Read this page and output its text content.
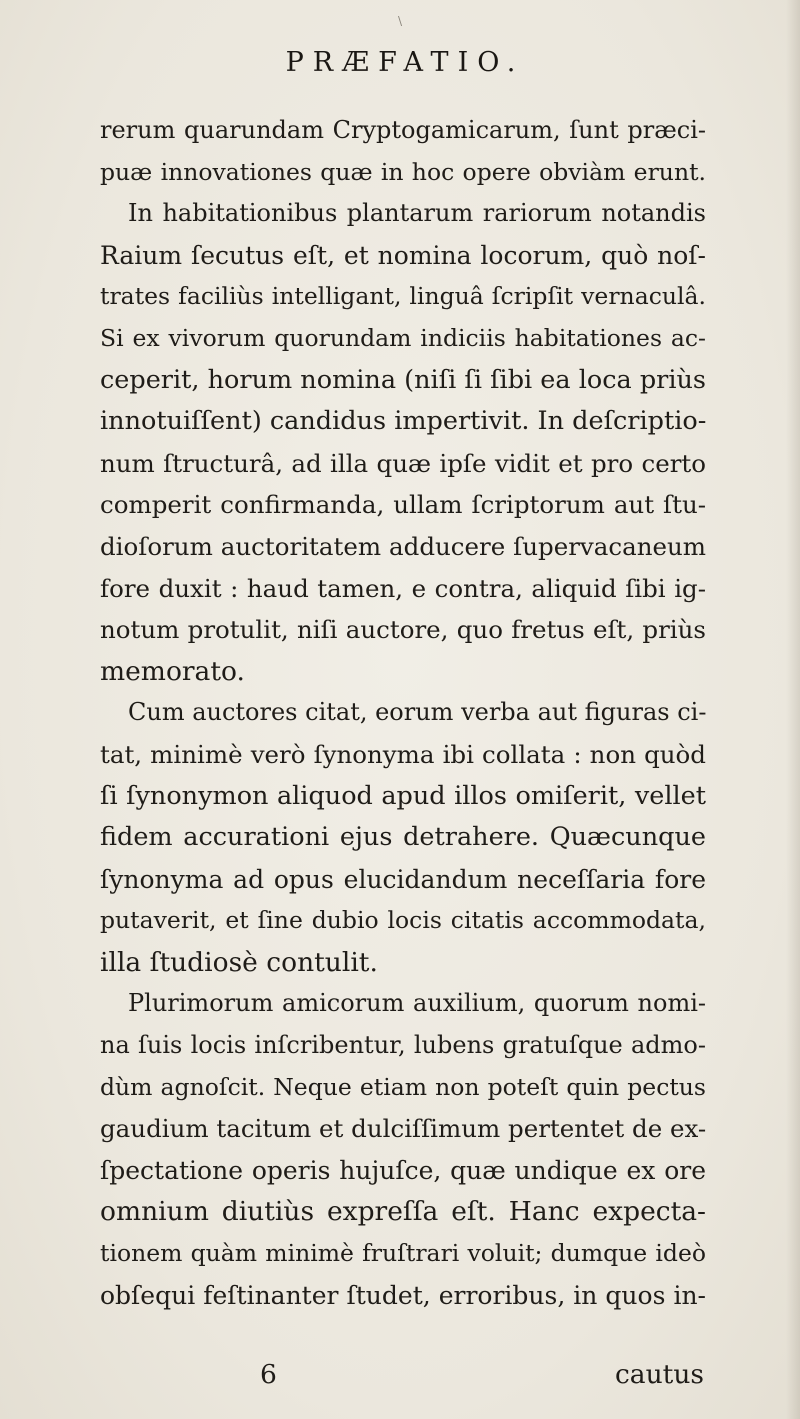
\
PRÆFATIO.
rerum quarundam Cryptogamicarum, ſunt præci-
puæ innovationes quæ in hoc opere obviàm erunt.
In habitationibus plantarum rariorum notandis
Raium ſecutus eſt, et nomina locorum, quò noſ-
trates faciliùs intelligant, linguâ ſcripſit vernaculâ.
Si ex vivorum quorundam indiciis habitationes ac-
ceperit, horum nomina (niſi ſi ſibi ea loca priùs
innotuiſſent) candidus impertivit. In deſcriptio-
num ſtructurâ, ad illa quæ ipſe vidit et pro certo
comperit confirmanda, ullam ſcriptorum aut ſtu-
dioſorum auctoritatem adducere ſupervacaneum
fore duxit : haud tamen, e contra, aliquid ſibi ig-
notum protulit, niſi auctore, quo fretus eſt, priùs
memorato.
Cum auctores citat, eorum verba aut figuras ci-
tat, minimè verò ſynonyma ibi collata : non quòd
ſi ſynonymon aliquod apud illos omiſerit, vellet
fidem accurationi ejus detrahere. Quæcunque
ſynonyma ad opus elucidandum neceſſaria fore
putaverit, et ſine dubio locis citatis accommodata,
illa ſtudiosè contulit.
Plurimorum amicorum auxilium, quorum nomi-
na ſuis locis inſcribentur, lubens gratuſque admo-
dùm agnoſcit. Neque etiam non poteſt quin pectus
gaudium tacitum et dulciſſimum pertentet de ex-
ſpectatione operis hujuſce, quæ undique ex ore
omnium diutiùs expreſſa eſt. Hanc expecta-
tionem quàm minimè fruſtrari voluit; dumque ideò
obſequi feſtinanter ſtudet, erroribus, in quos in-
6	cautus
